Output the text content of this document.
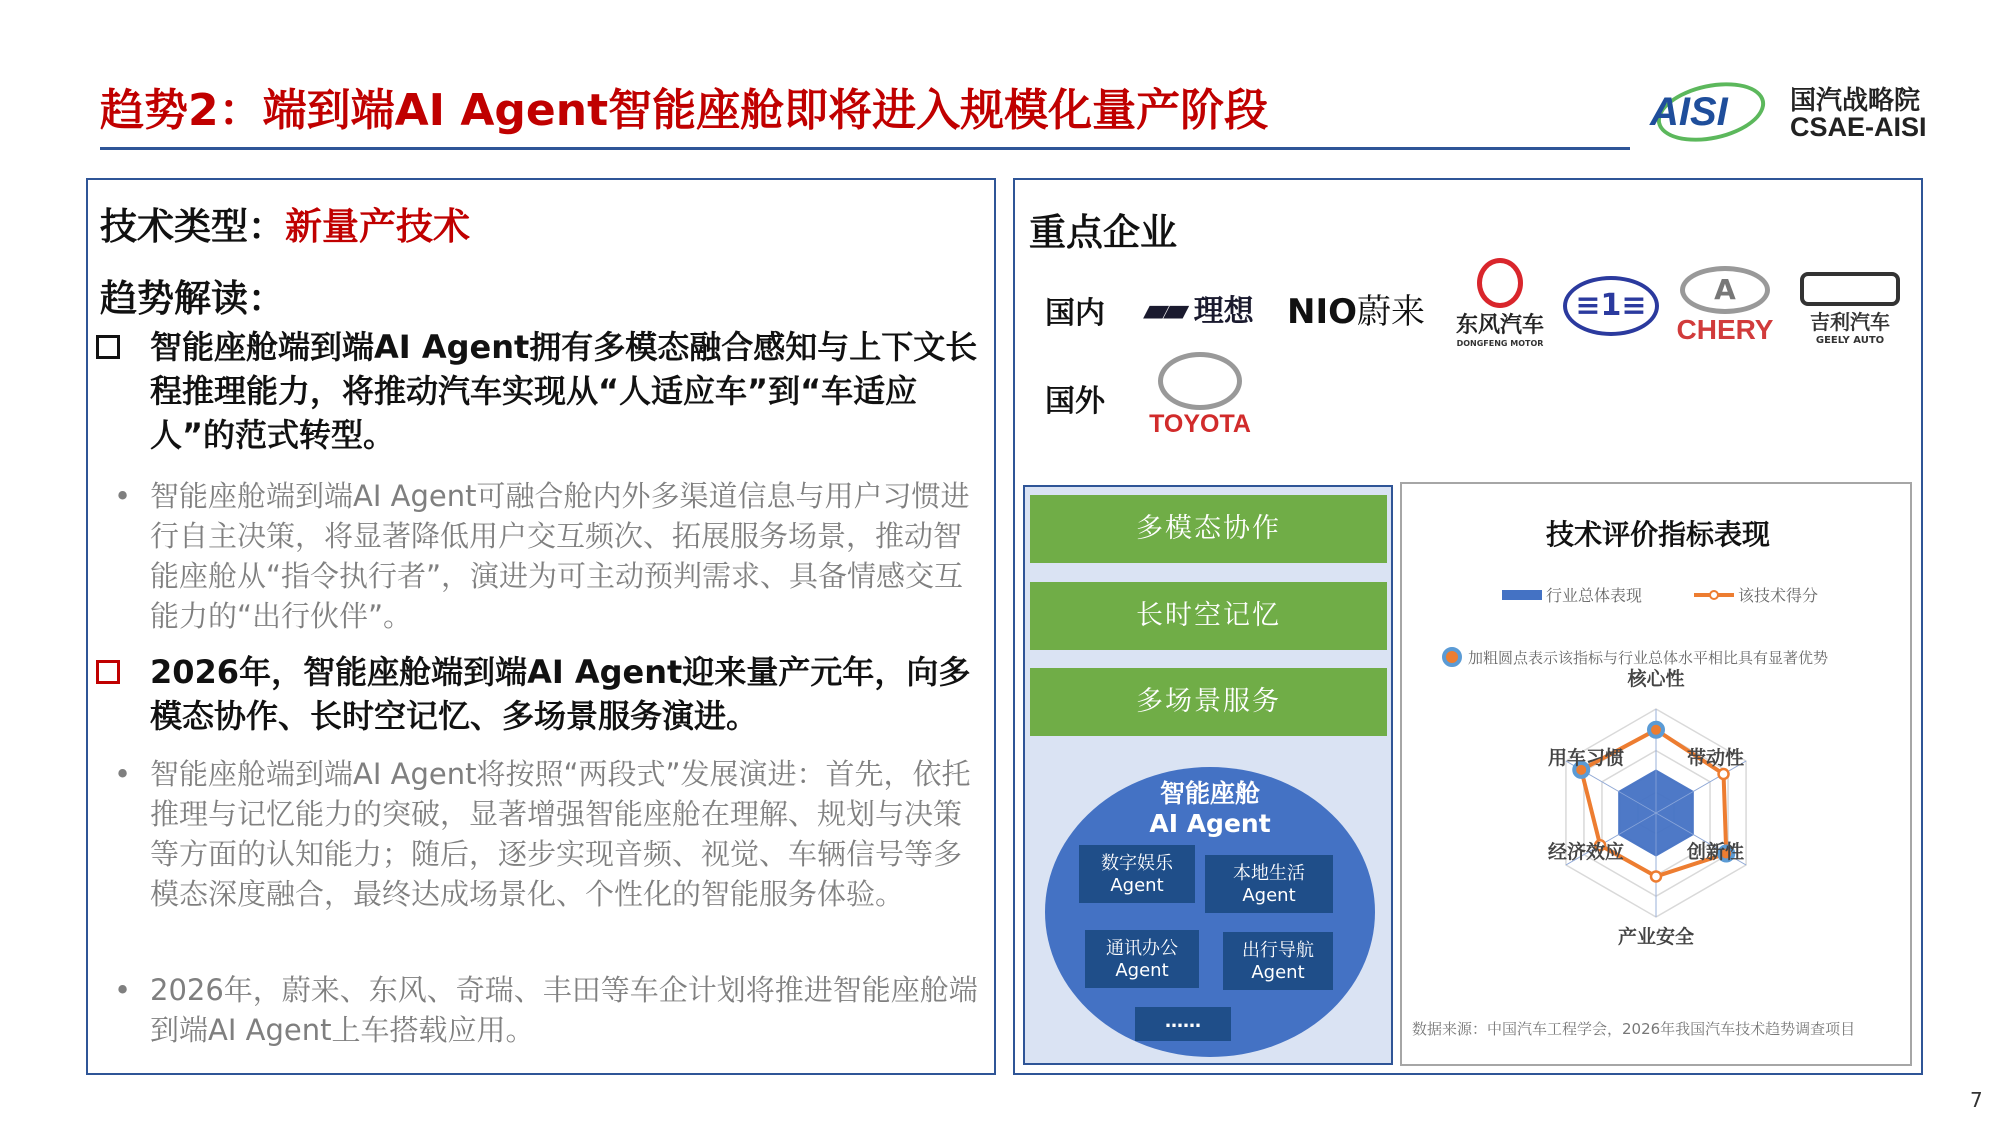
趋势2：端到端AI Agent智能座舱即将进入规模化量产阶段	AISI 国汽战略院
CSAE-AISI
技术类型：新量产技术
趋势解读：
智能座舱端到端AI Agent拥有多模态融合感知与上下文长程推理能力，将推动汽车实现从“人适应车”到“车适应人”的范式转型。
• 智能座舱端到端AI Agent可融合舱内外多渠道信息与用户习惯进行自主决策，将显著降低用户交互频次、拓展服务场景，推动智能座舱从“指令执行者”，演进为可主动预判需求、具备情感交互能力的“出行伙伴”。
2026年，智能座舱端到端AI Agent迎来量产元年，向多模态协作、长时空记忆、多场景服务演进。
• 智能座舱端到端AI Agent将按照“两段式”发展演进：首先，依托推理与记忆能力的突破，显著增强智能座舱在理解、规划与决策等方面的认知能力；随后，逐步实现音频、视觉、车辆信号等多模态深度融合，最终达成场景化、个性化的智能服务体验。
• 2026年，蔚来、东风、奇瑞、丰田等车企计划将推进智能座舱端到端AI Agent上车搭载应用。
重点企业
国内
国外
▰▰ 理想 NIO蔚来	东风汽车
DONGFENG MOTOR
≡1≡	A
CHERY	吉利汽车
GEELY AUTO
TOYOTA
多模态协作
长时空记忆
多场景服务
智能座舱
AI Agent
数字娱乐
Agent
本地生活
Agent
通讯办公
Agent
出行导航
Agent
……
技术评价指标表现
行业总体表现	该技术得分
加粗圆点表示该指标与行业总体水平相比具有显著优势
核心性
带动性
创新性
产业安全
经济效应
用车习惯
数据来源：中国汽车工程学会，2026年我国汽车技术趋势调查项目
7
